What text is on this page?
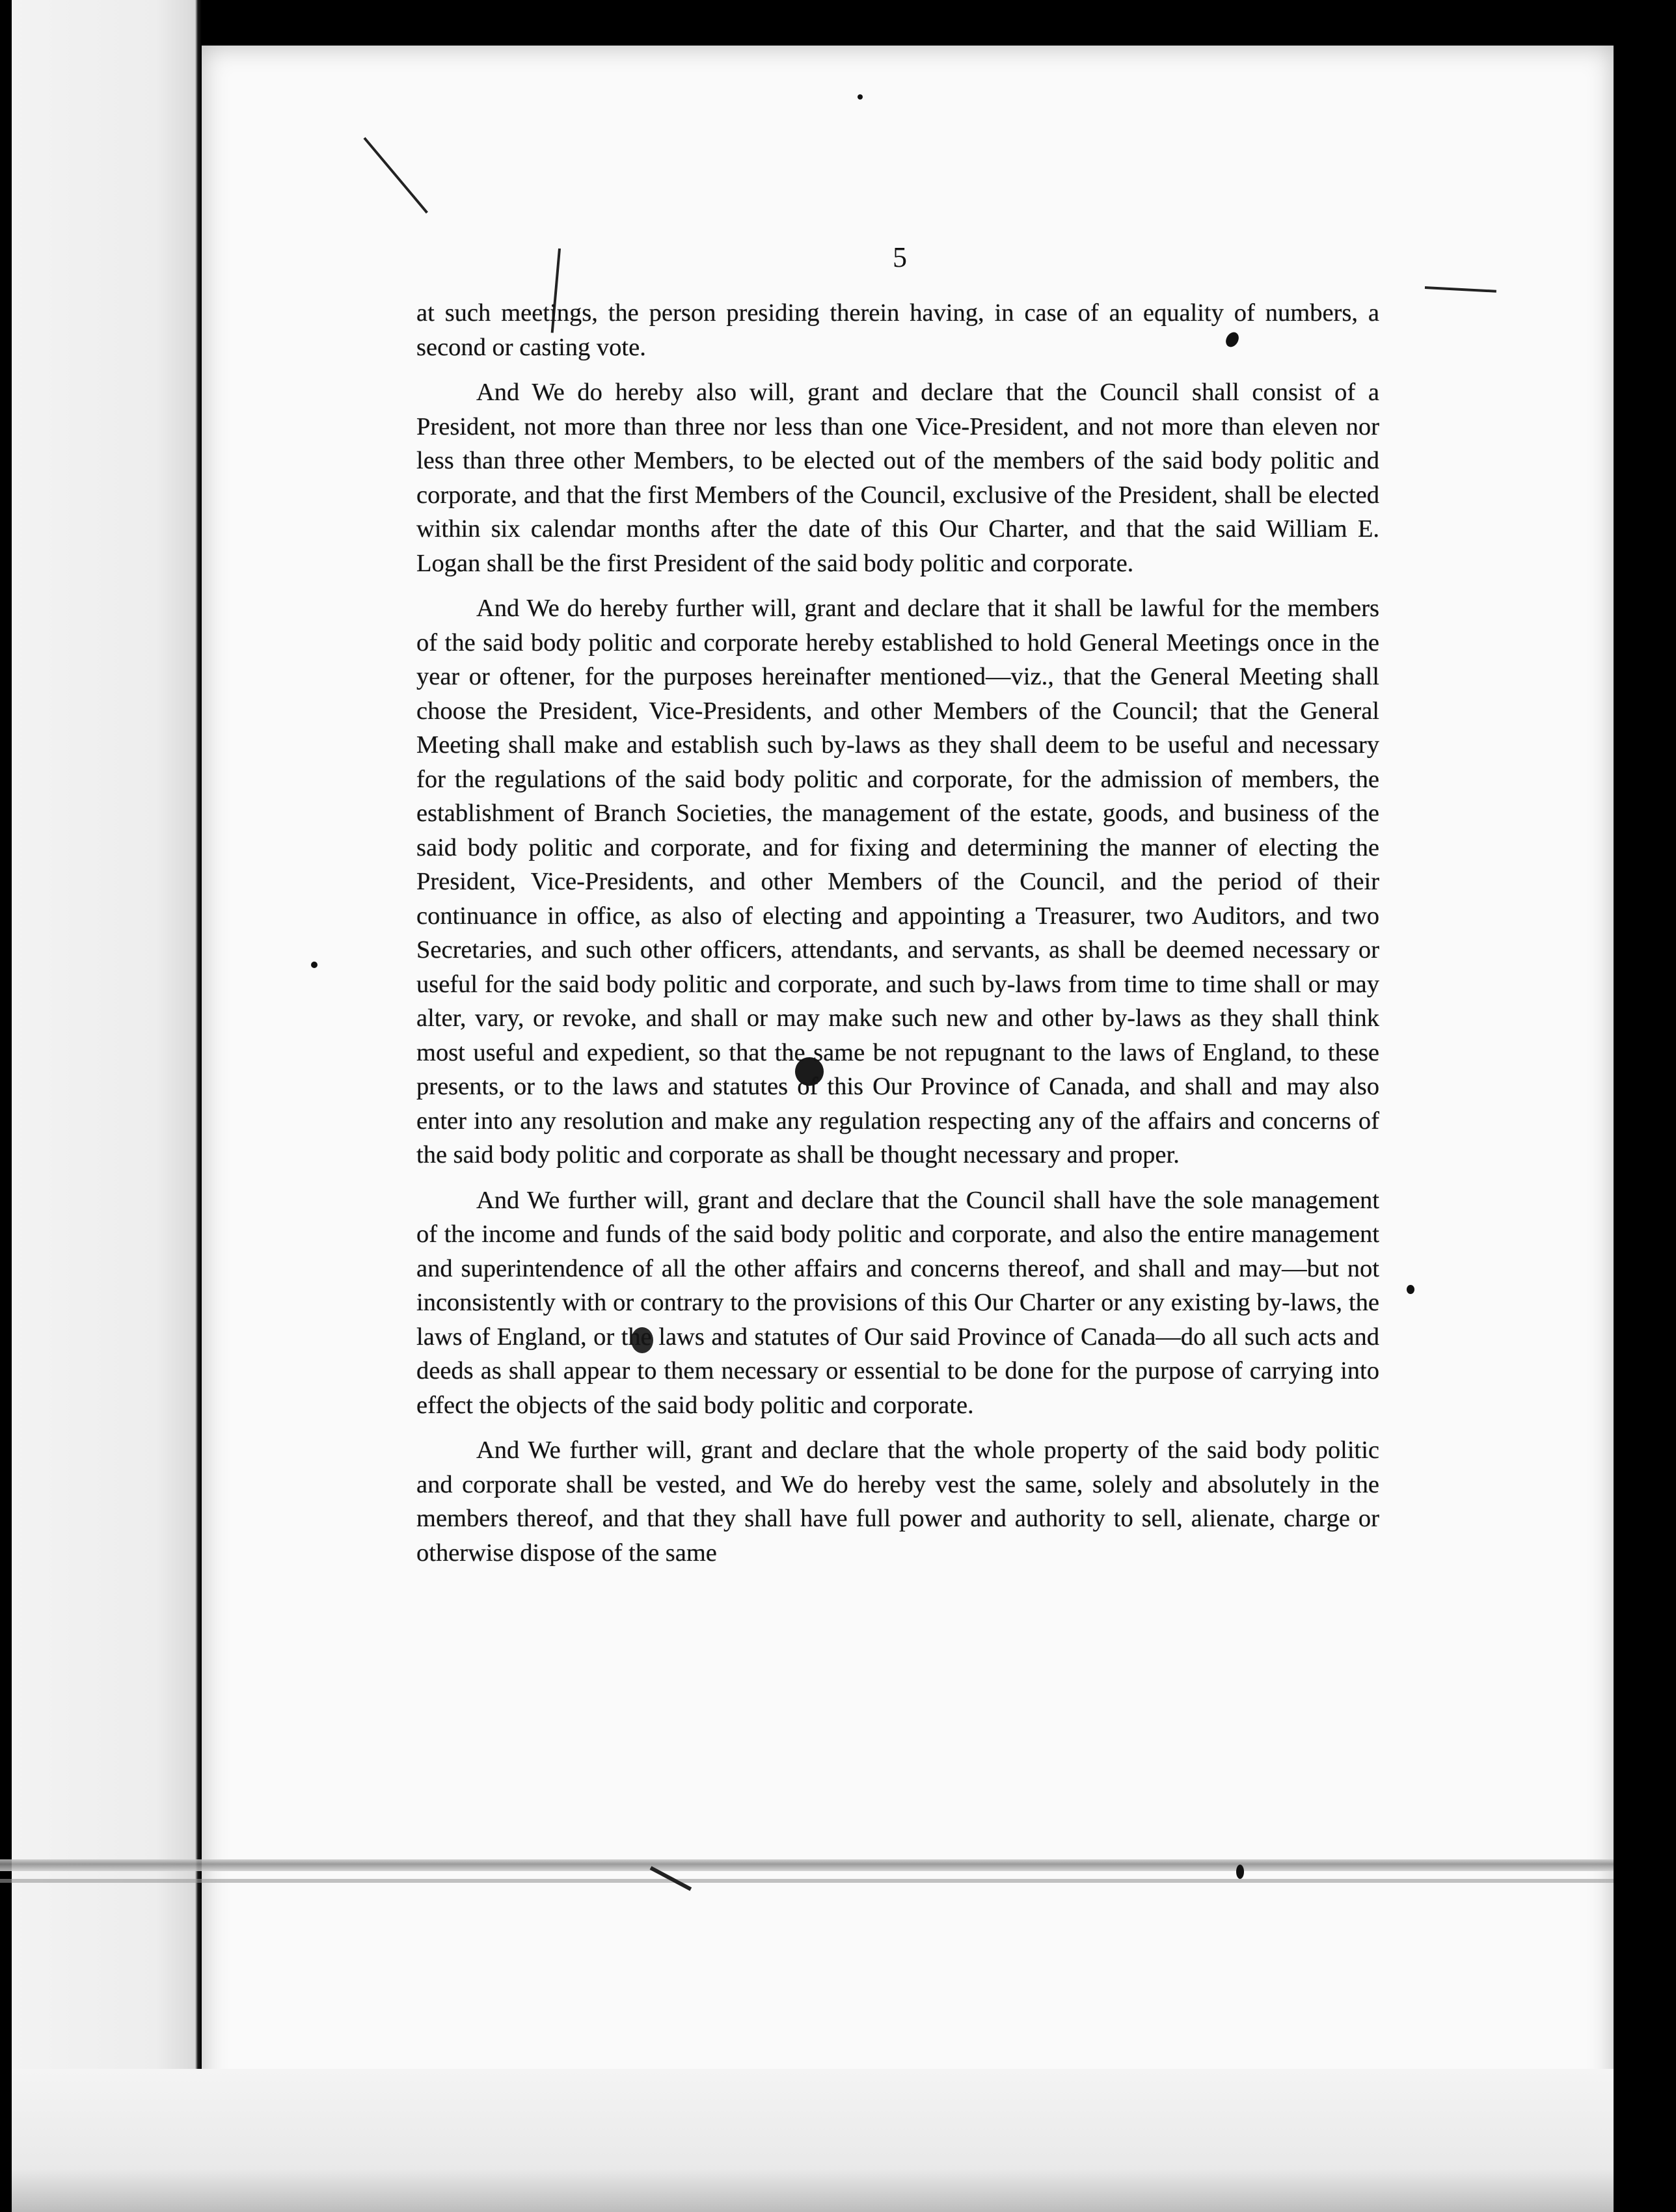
5

at such meetings, the person presiding therein having, in case of an equality of numbers, a second or casting vote.

And We do hereby also will, grant and declare that the Council shall consist of a President, not more than three nor less than one Vice-President, and not more than eleven nor less than three other Members, to be elected out of the members of the said body politic and corporate, and that the first Members of the Council, exclusive of the President, shall be elected within six calendar months after the date of this Our Charter, and that the said William E. Logan shall be the first President of the said body politic and corporate.

And We do hereby further will, grant and declare that it shall be lawful for the members of the said body politic and corporate hereby established to hold General Meetings once in the year or oftener, for the purposes hereinafter mentioned—viz., that the General Meeting shall choose the President, Vice-Presidents, and other Members of the Council; that the General Meeting shall make and establish such by-laws as they shall deem to be useful and necessary for the regulations of the said body politic and corporate, for the admission of members, the establishment of Branch Societies, the management of the estate, goods, and business of the said body politic and corporate, and for fixing and determining the manner of electing the President, Vice-Presidents, and other Members of the Council, and the period of their continuance in office, as also of electing and appointing a Treasurer, two Auditors, and two Secretaries, and such other officers, attendants, and servants, as shall be deemed necessary or useful for the said body politic and corporate, and such by-laws from time to time shall or may alter, vary, or revoke, and shall or may make such new and other by-laws as they shall think most useful and expedient, so that the same be not repugnant to the laws of England, to these presents, or to the laws and statutes of this Our Province of Canada, and shall and may also enter into any resolution and make any regulation respecting any of the affairs and concerns of the said body politic and corporate as shall be thought necessary and proper.

And We further will, grant and declare that the Council shall have the sole management of the income and funds of the said body politic and corporate, and also the entire management and superintendence of all the other affairs and concerns thereof, and shall and may—but not inconsistently with or contrary to the provisions of this Our Charter or any existing by-laws, the laws of England, or the laws and statutes of Our said Province of Canada—do all such acts and deeds as shall appear to them necessary or essential to be done for the purpose of carrying into effect the objects of the said body politic and corporate.

And We further will, grant and declare that the whole property of the said body politic and corporate shall be vested, and We do hereby vest the same, solely and absolutely in the members thereof, and that they shall have full power and authority to sell, alienate, charge or otherwise dispose of the same
